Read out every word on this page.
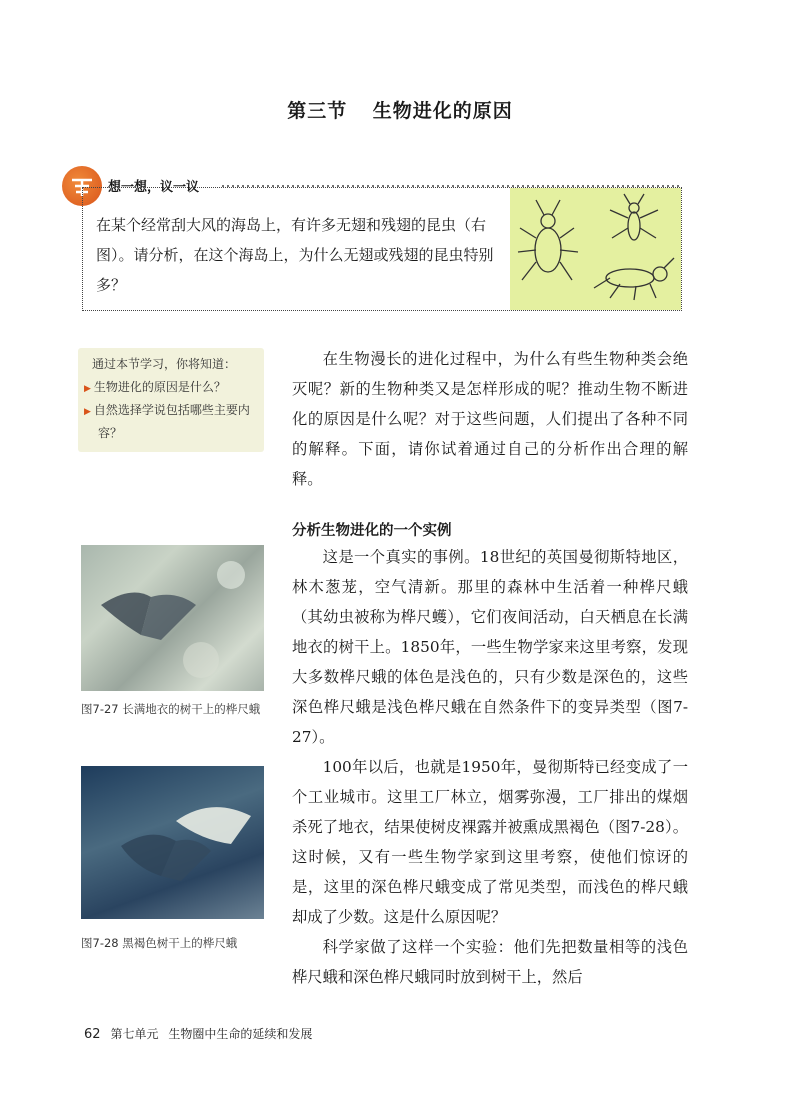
第三节 生物进化的原因
想一想，议一议
在某个经常刮大风的海岛上，有许多无翅和残翅的昆虫（右图）。请分析，在这个海岛上，为什么无翅或残翅的昆虫特别多？
通过本节学习，你将知道：
▶ 生物进化的原因是什么？
▶ 自然选择学说包括哪些主要内容？

在生物漫长的进化过程中，为什么有些生物种类会绝灭呢？新的生物种类又是怎样形成的呢？推动生物不断进化的原因是什么呢？对于这些问题，人们提出了各种不同的解释。下面，请你试着通过自己的分析作出合理的解释。

分析生物进化的一个实例

这是一个真实的事例。18世纪的英国曼彻斯特地区，林木葱茏，空气清新。那里的森林中生活着一种桦尺蛾（其幼虫被称为桦尺蠖），它们夜间活动，白天栖息在长满地衣的树干上。1850年，一些生物学家来这里考察，发现大多数桦尺蛾的体色是浅色的，只有少数是深色的，这些深色桦尺蛾是浅色桦尺蛾在自然条件下的变异类型（图7-27）。

100年以后，也就是1950年，曼彻斯特已经变成了一个工业城市。这里工厂林立，烟雾弥漫，工厂排出的煤烟杀死了地衣，结果使树皮裸露并被熏成黑褐色（图7-28）。这时候，又有一些生物学家到这里考察，使他们惊讶的是，这里的深色桦尺蛾变成了常见类型，而浅色的桦尺蛾却成了少数。这是什么原因呢？

科学家做了这样一个实验：他们先把数量相等的浅色桦尺蛾和深色桦尺蛾同时放到树干上，然后

图7-27 长满地衣的树干上的桦尺蛾
图7-28 黑褐色树干上的桦尺蛾
62 第七单元 生物圈中生命的延续和发展
